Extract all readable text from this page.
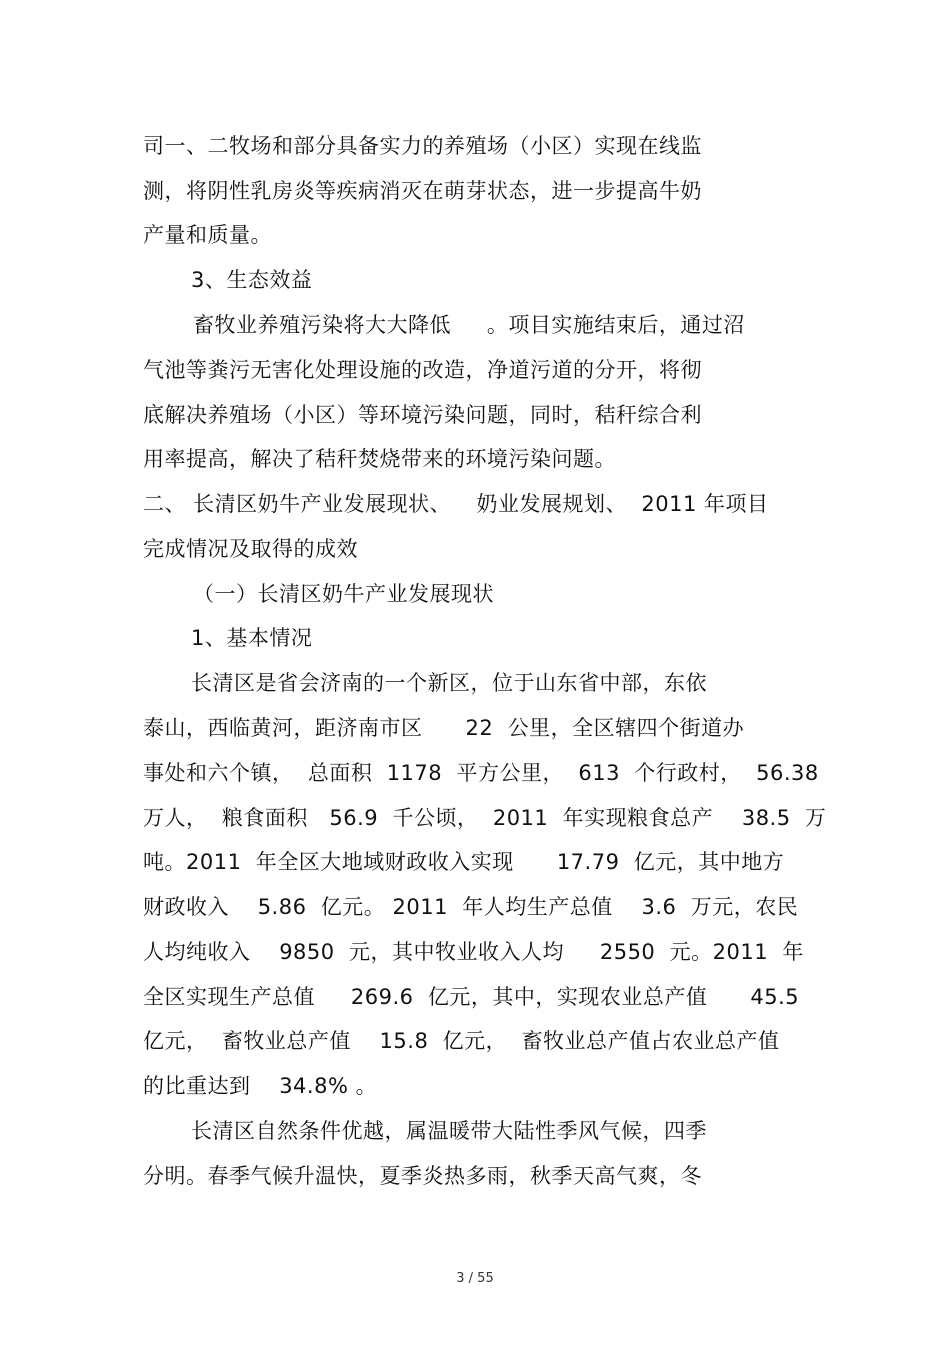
司一、二牧场和部分具备实力的养殖场（小区）实现在线监
测，将阴性乳房炎等疾病消灭在萌芽状态，进一步提高牛奶
产量和质量。
3、生态效益
畜牧业养殖污染将大大降低　  。项目实施结束后，通过沼
气池等粪污无害化处理设施的改造，净道污道的分开，将彻
底解决养殖场（小区）等环境污染问题，同时，秸秆综合利
用率提高，解决了秸秆焚烧带来的环境污染问题。
二、 长清区奶牛产业发展现状、　  奶业发展规划、  2011 年项目
完成情况及取得的成效
（一）长清区奶牛产业发展现状
1、基本情况
长清区是省会济南的一个新区，位于山东省中部，东依
泰山，西临黄河，距济南市区　   22  公里，全区辖四个街道办
事处和六个镇，  总面积  1178  平方公里，  613  个行政村，  56.38
万人，  粮食面积   56.9  千公顷，  2011  年实现粮食总产    38.5  万
吨。2011  年全区大地域财政收入实现　   17.79  亿元，其中地方
财政收入    5.86  亿元。 2011  年人均生产总值    3.6  万元，农民
人均纯收入    9850  元，其中牧业收入人均　  2550  元。2011  年
全区实现生产总值     269.6  亿元，其中，实现农业总产值　   45.5
亿元，  畜牧业总产值    15.8  亿元，  畜牧业总产值占农业总产值
的比重达到    34.8% 。
长清区自然条件优越，属温暖带大陆性季风气候，四季
分明。春季气候升温快，夏季炎热多雨，秋季天高气爽，冬
3 / 55
